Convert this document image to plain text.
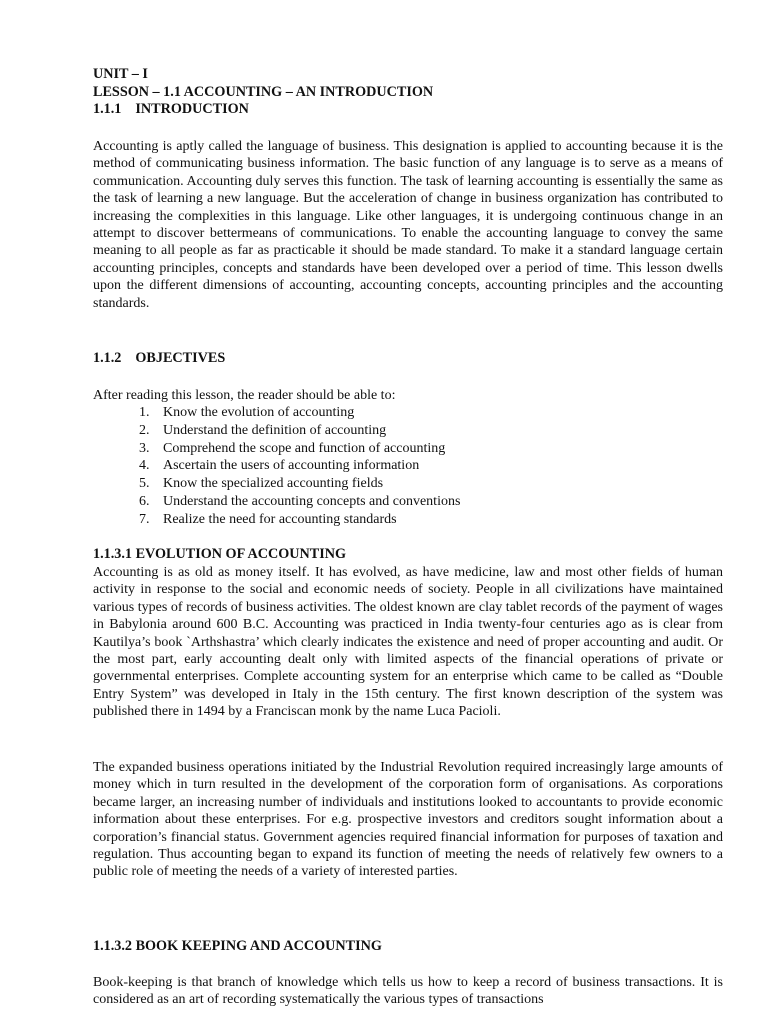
UNIT – I
LESSON – 1.1 ACCOUNTING – AN INTRODUCTION
1.1.1 INTRODUCTION
Accounting is aptly called the language of business. This designation is applied to accounting because it is the method of communicating business information. The basic function of any language is to serve as a means of communication. Accounting duly serves this function. The task of learning accounting is essentially the same as the task of learning a new language. But the acceleration of change in business organization has contributed to increasing the complexities in this language. Like other languages, it is undergoing continuous change in an attempt to discover bettermeans of communications. To enable the accounting language to convey the same meaning to all people as far as practicable it should be made standard. To make it a standard language certain accounting principles, concepts and standards have been developed over a period of time. This lesson dwells upon the different dimensions of accounting, accounting concepts, accounting principles and the accounting standards.
1.1.2 OBJECTIVES
After reading this lesson, the reader should be able to:
1. Know the evolution of accounting
2. Understand the definition of accounting
3. Comprehend the scope and function of accounting
4. Ascertain the users of accounting information
5. Know the specialized accounting fields
6. Understand the accounting concepts and conventions
7. Realize the need for accounting standards
1.1.3.1 EVOLUTION OF ACCOUNTING
Accounting is as old as money itself. It has evolved, as have medicine, law and most other fields of human activity in response to the social and economic needs of society. People in all civilizations have maintained various types of records of business activities. The oldest known are clay tablet records of the payment of wages in Babylonia around 600 B.C. Accounting was practiced in India twenty-four centuries ago as is clear from Kautilya’s book `Arthshastra’ which clearly indicates the existence and need of proper accounting and audit. Or the most part, early accounting dealt only with limited aspects of the financial operations of private or governmental enterprises. Complete accounting system for an enterprise which came to be called as “Double Entry System” was developed in Italy in the 15th century. The first known description of the system was published there in 1494 by a Franciscan monk by the name Luca Pacioli.
The expanded business operations initiated by the Industrial Revolution required increasingly large amounts of money which in turn resulted in the development of the corporation form of organisations. As corporations became larger, an increasing number of individuals and institutions looked to accountants to provide economic information about these enterprises. For e.g. prospective investors and creditors sought information about a corporation’s financial status. Government agencies required financial information for purposes of taxation and regulation. Thus accounting began to expand its function of meeting the needs of relatively few owners to a public role of meeting the needs of a variety of interested parties.
1.1.3.2 BOOK KEEPING AND ACCOUNTING
Book-keeping is that branch of knowledge which tells us how to keep a record of business transactions. It is considered as an art of recording systematically the various types of transactions
